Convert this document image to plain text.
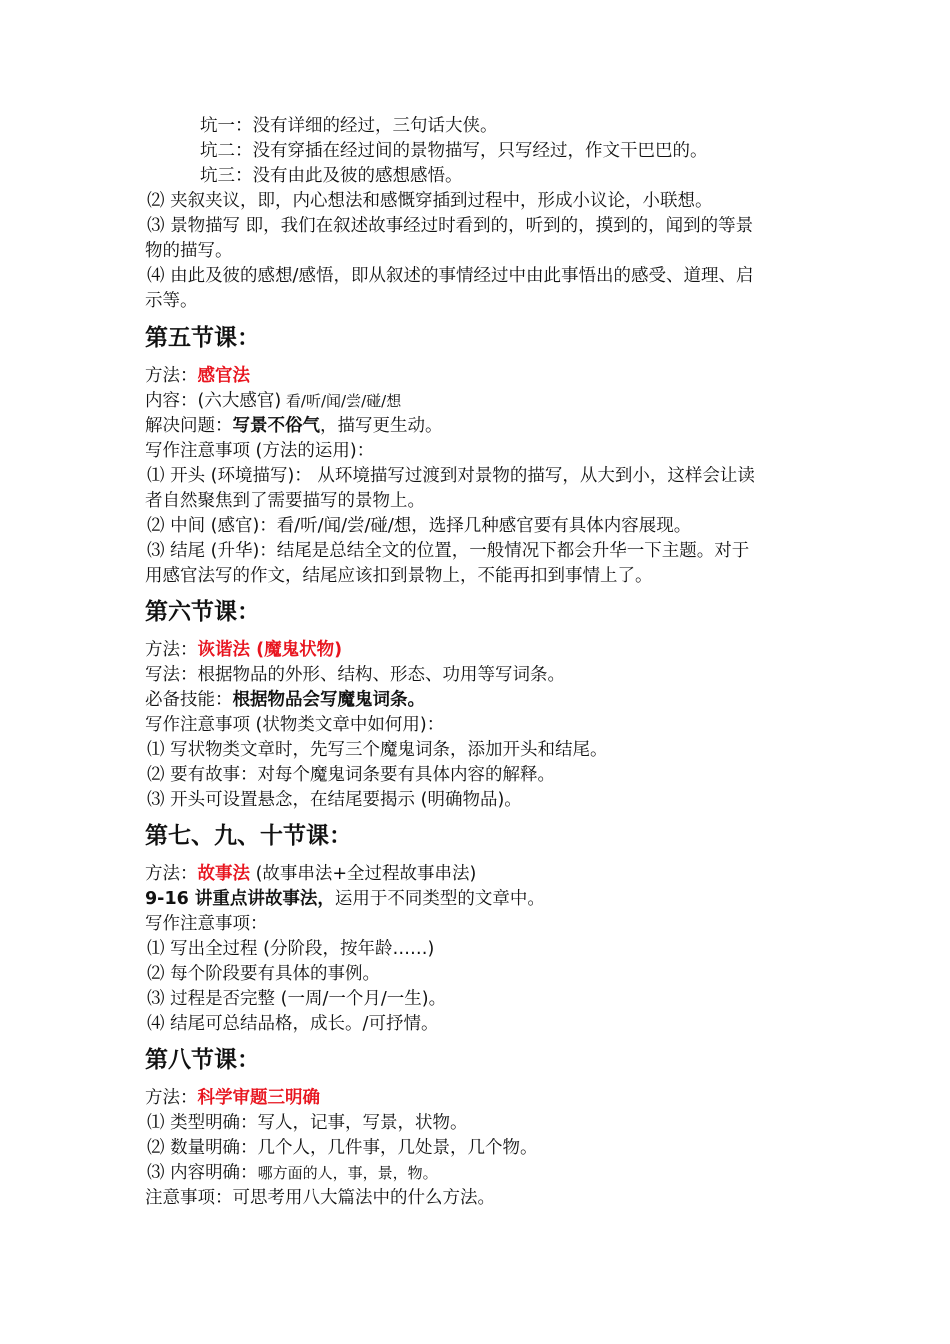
坑一：没有详细的经过，三句话大侠。
坑二：没有穿插在经过间的景物描写，只写经过，作文干巴巴的。
坑三：没有由此及彼的感想感悟。
⑵ 夹叙夹议，即，内心想法和感慨穿插到过程中，形成小议论，小联想。
⑶ 景物描写 即，我们在叙述故事经过时看到的，听到的，摸到的，闻到的等景
物的描写。
⑷ 由此及彼的感想/感悟，即从叙述的事情经过中由此事悟出的感受、道理、启
示等。
第五节课：
方法：感官法
内容：(六大感官) 看/听/闻/尝/碰/想
解决问题：写景不俗气，描写更生动。
写作注意事项 (方法的运用)：
⑴ 开头 (环境描写)： 从环境描写过渡到对景物的描写，从大到小，这样会让读
者自然聚焦到了需要描写的景物上。
⑵ 中间 (感官)：看/听/闻/尝/碰/想，选择几种感官要有具体内容展现。
⑶ 结尾 (升华)：结尾是总结全文的位置，一般情况下都会升华一下主题。对于
用感官法写的作文，结尾应该扣到景物上，不能再扣到事情上了。
第六节课：
方法：诙谐法 (魔鬼状物)
写法：根据物品的外形、结构、形态、功用等写词条。
必备技能：根据物品会写魔鬼词条。
写作注意事项 (状物类文章中如何用)：
⑴ 写状物类文章时，先写三个魔鬼词条，添加开头和结尾。
⑵ 要有故事：对每个魔鬼词条要有具体内容的解释。
⑶ 开头可设置悬念，在结尾要揭示 (明确物品)。
第七、九、十节课：
方法：故事法 (故事串法+全过程故事串法)
9-16 讲重点讲故事法，运用于不同类型的文章中。
写作注意事项：
⑴ 写出全过程 (分阶段，按年龄……)
⑵ 每个阶段要有具体的事例。
⑶ 过程是否完整 (一周/一个月/一生)。
⑷ 结尾可总结品格，成长。/可抒情。
第八节课：
方法：科学审题三明确
⑴ 类型明确：写人，记事，写景，状物。
⑵ 数量明确：几个人，几件事，几处景，几个物。
⑶ 内容明确：哪方面的人，事，景，物。
注意事项：可思考用八大篇法中的什么方法。
